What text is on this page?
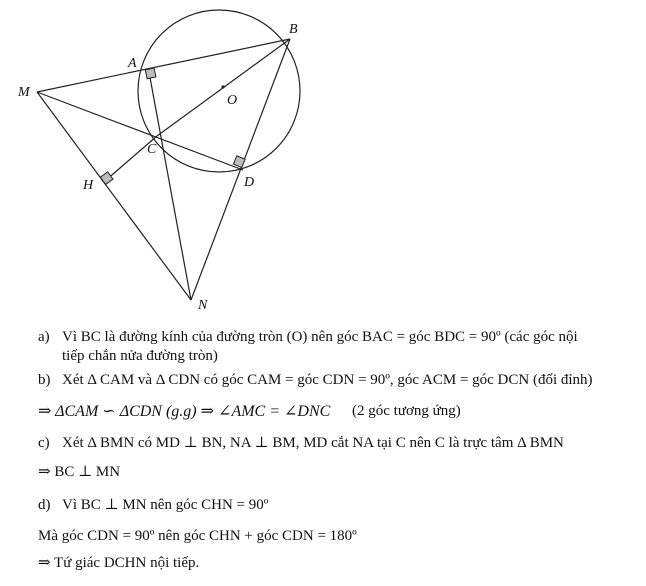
A
B
O
M
C
H	D
N
a) Vì BC là đường kính của đường tròn (O) nên góc BAC = góc BDC = 90º (các góc nội
tiếp chắn nửa đường tròn)
b) Xét Δ CAM và Δ CDN có góc CAM = góc CDN = 90º, góc ACM = góc DCN (đối đỉnh)
⇒ ΔCAM ∽ ΔCDN (g.g) ⇒ ∠AMC = ∠DNC (2 góc tương ứng)
c) Xét Δ BMN có MD ⊥ BN, NA ⊥ BM, MD cắt NA tại C nên C là trực tâm Δ BMN
⇒ BC ⊥ MN
d) Vì BC ⊥ MN nên góc CHN = 90º
Mà góc CDN = 90º nên góc CHN + góc CDN = 180º
⇒ Tứ giác DCHN nội tiếp.
